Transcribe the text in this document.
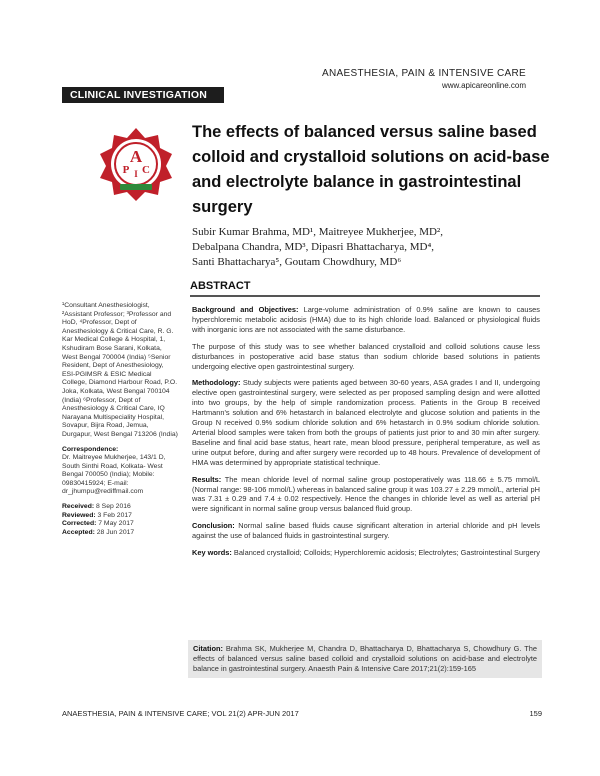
ANAESTHESIA, PAIN & INTENSIVE CARE
www.apicareonline.com
CLINICAL INVESTIGATION
A
P I C
The effects of balanced versus saline based colloid and crystalloid solutions on acid-base and electrolyte balance in gastrointestinal surgery
Subir Kumar Brahma, MD¹, Maitreyee Mukherjee, MD²,
Debalpana Chandra, MD³, Dipasri Bhattacharya, MD⁴,
Santi Bhattacharya⁵, Goutam Chowdhury, MD⁶
ABSTRACT

¹Consultant Anesthesiologist, ²Assistant Professor; ³Professor and HoD, ⁴Professor, Dept of Anesthesiology & Critical Care, R. G. Kar Medical College & Hospital, 1, Kshudiram Bose Sarani, Kolkata, West Bengal 700004 (India) ⁵Senior Resident, Dept of Anesthesiology, ESI-PGIMSR & ESIC Medical College, Diamond Harbour Road, P.O. Joka, Kolkata, West Bengal 700104 (India) ⁶Professor, Dept of Anesthesiology & Critical Care, IQ Narayana Multispeciality Hospital, Sovapur, Bijra Road, Jemua, Durgapur, West Bengal 713206 (India)

Correspondence:

Dr. Maitreyee Mukherjee, 143/1 D, South Sinthi Road, Kolkata- West Bengal 700050 (India); Mobile: 09830415924; E-mail: dr_jhumpu@rediffmail.com

Received: 8 Sep 2016

Reviewed: 3 Feb 2017

Corrected: 7 May 2017

Accepted: 28 Jun 2017

Background and Objectives: Large-volume administration of 0.9% saline are known to causes hyperchloremic metabolic acidosis (HMA) due to its high chloride load. Balanced or physiological fluids with inorganic ions are not associated with the same disturbance.

The purpose of this study was to see whether balanced crystalloid and colloid solutions cause less disturbances in postoperative acid base status than sodium chloride based solutions in patients undergoing elective open gastrointestinal surgery.

Methodology: Study subjects were patients aged between 30-60 years, ASA grades I and II, undergoing elective open gastrointestinal surgery, were selected as per proposed sampling design and were allotted into two groups, by the help of simple randomization process. Patients in the Group B received Hartmann's solution and 6% hetastarch in balanced electrolyte and glucose solution and patients in the Group N received 0.9% sodium chloride solution and 6% hetastarch in 0.9% sodium chloride solution. Arterial blood samples were taken from both the groups of patients just prior to and 30 min after surgery. Baseline and final acid base status, heart rate, mean blood pressure, peripheral temperature, as well as urine output before, during and after surgery were recorded up to 48 hours. Prevalence of development of HMA was determined by appropriate statistical technique.

Results: The mean chloride level of normal saline group postoperatively was 118.66 ± 5.75 mmol/L (Normal range: 98-106 mmol/L) whereas in balanced saline group it was 103.27 ± 2.29 mmol/L, arterial pH was 7.31 ± 0.29 and 7.4 ± 0.02 respectively. Hence the changes in chloride level as well as arterial pH were significant in normal saline group versus balanced fluid group.

Conclusion: Normal saline based fluids cause significant alteration in arterial chloride and pH levels against the use of balanced fluids in gastrointestinal surgery.

Key words: Balanced crystalloid; Colloids; Hyperchloremic acidosis; Electrolytes; Gastrointestinal Surgery

Citation: Brahma SK, Mukherjee M, Chandra D, Bhattacharya D, Bhattacharya S, Chowdhury G. The effects of balanced versus saline based colloid and crystalloid solutions on acid-base and electrolyte balance in gastrointestinal surgery. Anaesth Pain & Intensive Care 2017;21(2):159-165
ANAESTHESIA, PAIN & INTENSIVE CARE; VOL 21(2) APR-JUN 2017	159
